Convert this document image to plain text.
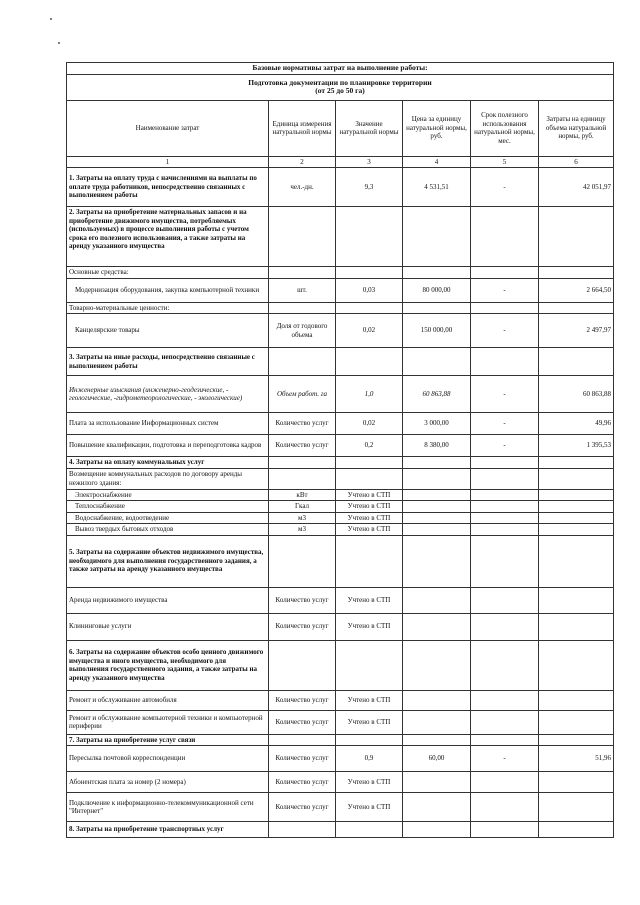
Базовые нормативы затрат на выполнение работы:					

Подготовка документации по планировке территории
(от 25 до 50 га)					

Наименование затрат	Единица измерения натуральной нормы	Значение натуральной нормы	Цена за единицу натуральной нормы, руб.	Срок полезного использования натуральной нормы, мес.	Затраты на единицу объема натуральной нормы, руб.
1	2	3	4	5	6
1. Затраты на оплату труда с начислениями на выплаты по оплате труда работников, непосредственно связанных с выполнением работы	чел.-дн.	9,3	4 531,51	-	42 051,97
2. Затраты на приобретение материальных запасов и на приобретение движимого имущества, потребляемых (используемых) в процессе выполнения работы с учетом срока его полезного использования, а также затраты на аренду указанного имущества					
Основные средства:					
Модернизация оборудования, закупка компьютерной техники	шт.	0,03	80 000,00	-	2 664,50
Товарно-материальные ценности:					
Канцелярские товары	Доля от годового объема	0,02	150 000,00	-	2 497,97
3. Затраты на иные расходы, непосредственно связанные с выполнением работы					
Инженерные изыскания (инженерно-геодезические, - геологические, -гидрометеорологические, - экологические)	Объем работ. га	1,0	60 863,88	-	60 863,88
Плата за использование Информационных систем	Количество услуг	0,02	3 000,00	-	49,96
Повышение квалификации, подготовка и переподготовка кадров	Количество услуг	0,2	8 380,00	-	1 395,53
4. Затраты на оплату коммунальных услуг					
Возмещение коммунальных расходов по договору аренды нежилого здания:					
Электроснабжение	кВт	Учтено в СТП			
Теплоснабжение	Гкал	Учтено в СТП			
Водоснабжение, водоотведение	м3	Учтено в СТП			
Вывоз твердых бытовых отходов	м3	Учтено в СТП			
5. Затраты на содержание объектов недвижимого имущества, необходимого для выполнения государственного задания, а также затраты на аренду указанного имущества					
Аренда недвижимого имущества	Количество услуг	Учтено в СТП			
Клининговые услуги	Количество услуг	Учтено в СТП			
6. Затраты на содержание объектов особо ценного движимого имущества и иного имущества, необходимого для выполнения государственного задания, а также затраты на аренду указанного имущества					
Ремонт и обслуживание автомобиля	Количество услуг	Учтено в СТП			
Ремонт и обслуживание компьютерной техники и компьютерной периферии	Количество услуг	Учтено в СТП			
7. Затраты на приобретение услуг связи					
Пересылка почтовой корреспонденции	Количество услуг	0,9	60,00	-	51,96
Абонентская плата за номер (2 номера)	Количество услуг	Учтено в СТП			
Подключение к информационно-телекоммуникационной сети "Интернет"	Количество услуг	Учтено в СТП			
8. Затраты на приобретение транспортных услуг					
